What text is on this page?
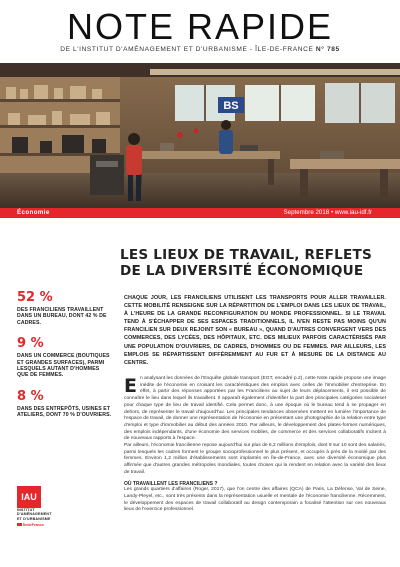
NOTE RAPIDE
DE L'INSTITUT D'AMÉNAGEMENT ET D'URBANISME - ÎLE-DE-FRANCE N° 785
BS
Économie	Septembre 2018 • www.iau-idf.fr
LES LIEUX DE TRAVAIL, REFLETS DE LA DIVERSITÉ ÉCONOMIQUE
52 %
DES FRANCILIENS TRAVAILLENT DANS UN BUREAU, DONT 42 % DE CADRES.
9 %
DANS UN COMMERCE (BOUTIQUES ET GRANDES SURFACES), PARMI LESQUELS AUTANT D'HOMMES QUE DE FEMMES.
8 %
DANS DES ENTREPÔTS, USINES ET ATELIERS, DONT 70 % D'OUVRIERS.
CHAQUE JOUR, LES FRANCILIENS UTILISENT LES TRANSPORTS POUR ALLER TRAVAILLER. CETTE MOBILITÉ RENSEIGNE SUR LA RÉPARTITION DE L'EMPLOI DANS LES LIEUX DE TRAVAIL, À L'HEURE DE LA GRANDE RECONFIGURATION DU MONDE PROFESSIONNEL. SI LE TRAVAIL TEND À S'ÉCHAPPER DE SES ESPACES TRADITIONNELS, IL N'EN RESTE PAS MOINS QU'UN FRANCILIEN SUR DEUX REJOINT SON « BUREAU », QUAND D'AUTRES CONVERGENT VERS DES COMMERCES, DES LYCÉES, DES HÔPITAUX, ETC. DES MILIEUX PARFOIS CARACTÉRISÉS PAR UNE POPULATION D'OUVRIERS, DE CADRES, D'HOMMES OU DE FEMMES. PAR AILLEURS, LES EMPLOIS SE RÉPARTISSENT DIFFÉREMMENT AU FUR ET À MESURE DE LA DISTANCE AU CENTRE.

E n analysant les données de l'Enquête globale transport (EGT, encadré p.2), cette Note rapide propose une image inédite de l'économie en croisant les caractéristiques des emplois avec celles de l'immobilier d'entreprise. En effet, à partir des réponses apportées par les Franciliens au sujet de leurs déplacements, il est possible de connaître le lieu dans lequel ils travaillent. Il apparaît également d'identifier la part des principales catégories socialeset pour chaque type de lieu de travail identifié. Cela permet donc, à une époque où le bureau tend à se propager en dehors, de représenter le travail d'aujourd'hui. Les principales tendances observées mettent en lumière l'importance de l'espace de travail, de donner une représentation de l'économie en présentant une photographie de la relation entre type d'emploi et type d'immobilier au début des années 2010. Par ailleurs, le développement des plates-formes numériques, des emplois indépendants, d'une économie des services mobiles, de commerce et des services collaboratifs incitent à de nouveaux rapports à l'espace.

Par ailleurs, l'économie francilienne repose aujourd'hui sur plus de 6,2 millions d'emplois, dont 9 sur 10 sont des salariés, parmi lesquels les cadres forment le groupe socioprofessionnel le plus présent, et occupés à près de la moitié par des femmes. Environ 1,2 million d'établissements sont implantés en Île-de-France, avec une diversité économique plus affirmée que d'autres grandes métropoles mondiales, toutes choses qui la rendent en relation avec la variété des lieux de travail.

OÙ TRAVAILLENT LES FRANCILIENS ?

Les grands quartiers d'affaires (Roger, 2017), que l'on centre des affaires (QCA) de Paris, La Défense, Val de Seine, Landy-Pleyel, etc., sont très présents dans la représentation usuelle et mentale de l'économie francilienne. Récemment, le développement des espaces de travail collaboratif au design contemporain a focalisé l'attention sur ces nouveaux lieux de l'exercice professionnel.

IAU
INSTITUT
D'AMÉNAGEMENT
ET D'URBANISME
ÎledeFrance
